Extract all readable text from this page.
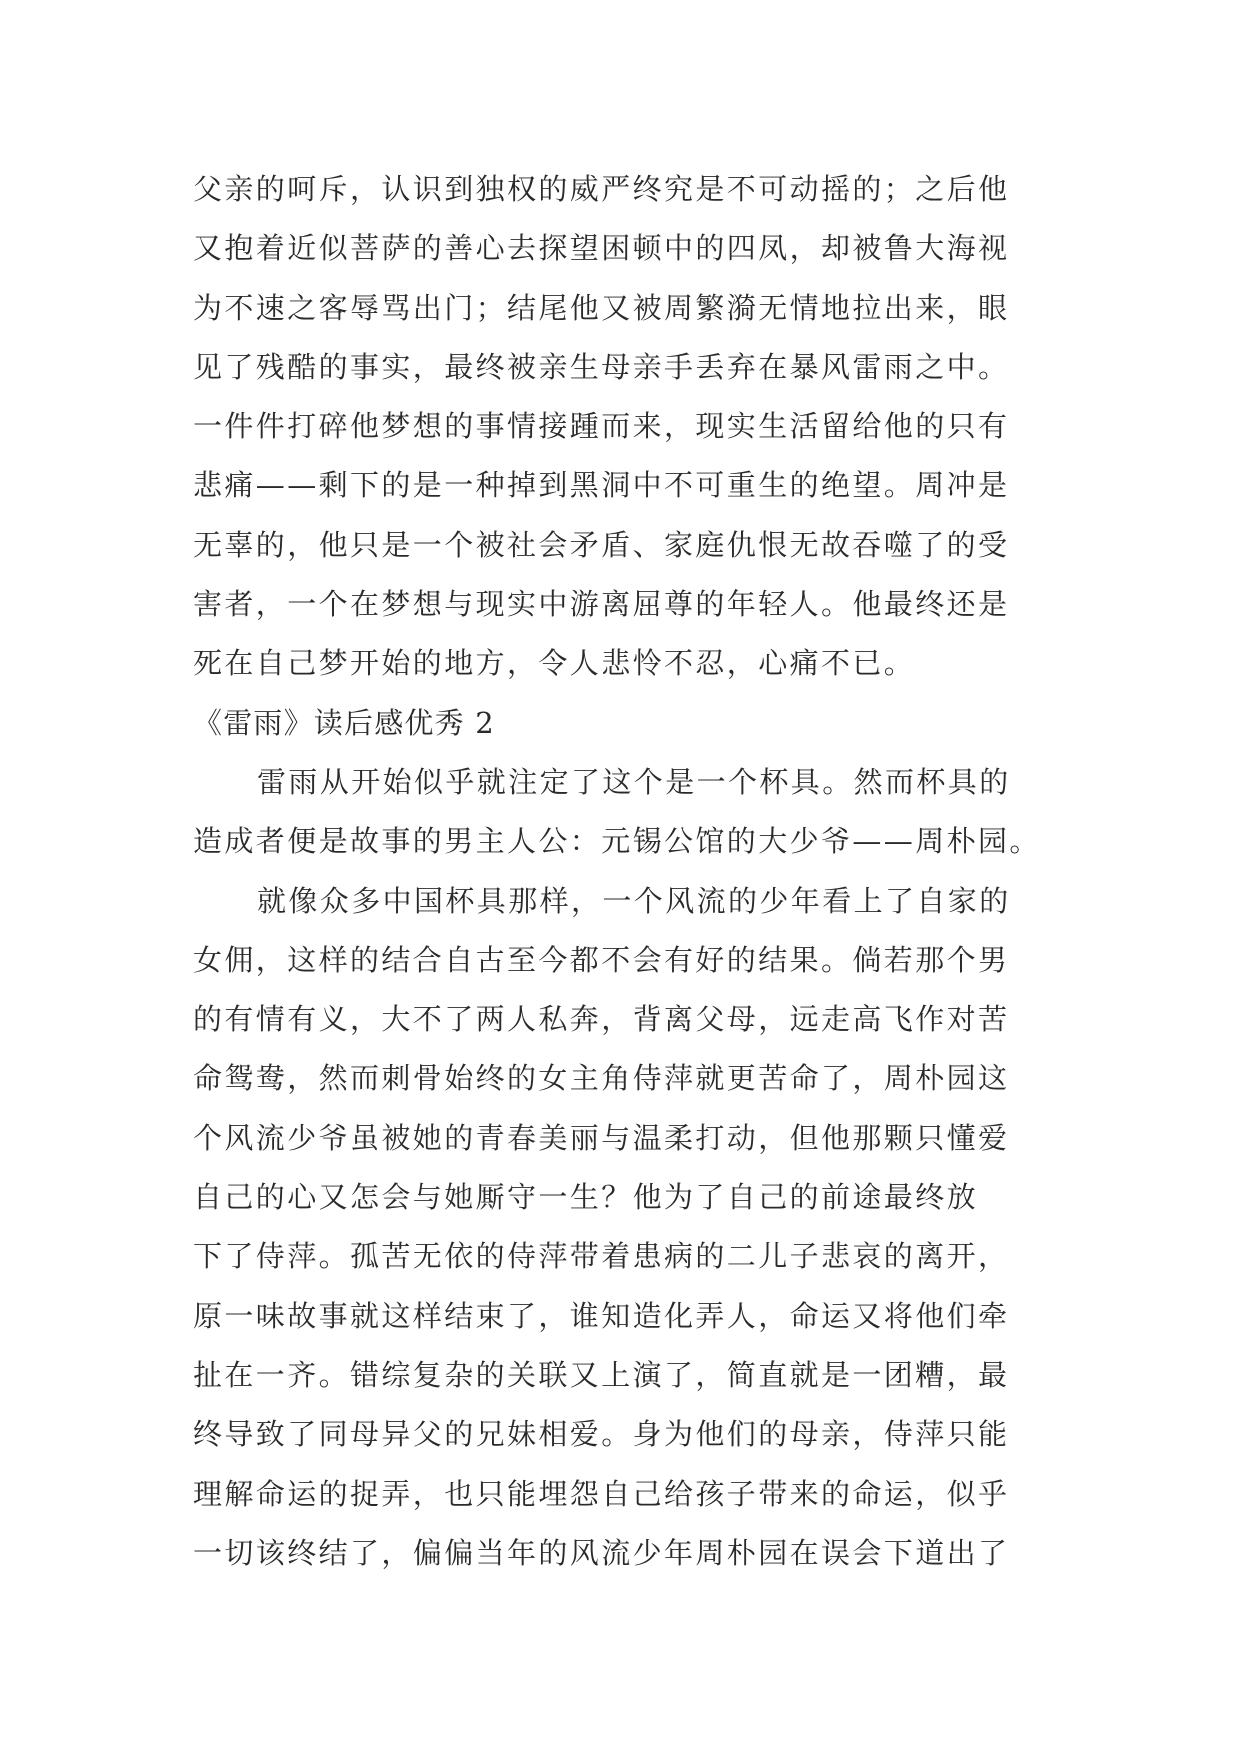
父亲的呵斥，认识到独权的威严终究是不可动摇的；之后他
又抱着近似菩萨的善心去探望困顿中的四凤，却被鲁大海视
为不速之客辱骂出门；结尾他又被周繁漪无情地拉出来，眼
见了残酷的事实，最终被亲生母亲手丢弃在暴风雷雨之中。
一件件打碎他梦想的事情接踵而来，现实生活留给他的只有
悲痛——剩下的是一种掉到黑洞中不可重生的绝望。周冲是
无辜的，他只是一个被社会矛盾、家庭仇恨无故吞噬了的受
害者，一个在梦想与现实中游离屈尊的年轻人。他最终还是
死在自己梦开始的地方，令人悲怜不忍，心痛不已。
《雷雨》读后感优秀 2
雷雨从开始似乎就注定了这个是一个杯具。然而杯具的
造成者便是故事的男主人公：元锡公馆的大少爷——周朴园。
就像众多中国杯具那样，一个风流的少年看上了自家的
女佣，这样的结合自古至今都不会有好的结果。倘若那个男
的有情有义，大不了两人私奔，背离父母，远走高飞作对苦
命鸳鸯，然而刺骨始终的女主角侍萍就更苦命了，周朴园这
个风流少爷虽被她的青春美丽与温柔打动，但他那颗只懂爱
自己的心又怎会与她厮守一生？他为了自己的前途最终放
下了侍萍。孤苦无依的侍萍带着患病的二儿子悲哀的离开，
原一味故事就这样结束了，谁知造化弄人，命运又将他们牵
扯在一齐。错综复杂的关联又上演了，简直就是一团糟，最
终导致了同母异父的兄妹相爱。身为他们的母亲，侍萍只能
理解命运的捉弄，也只能埋怨自己给孩子带来的命运，似乎
一切该终结了，偏偏当年的风流少年周朴园在误会下道出了
